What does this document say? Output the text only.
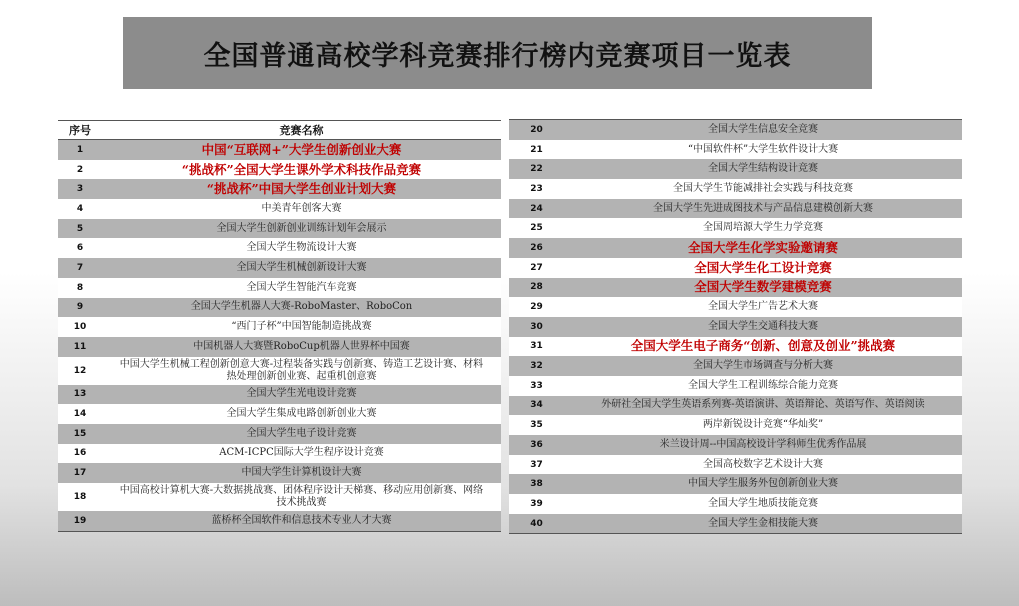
全国普通高校学科竞赛排行榜内竞赛项目一览表
序号	竞赛名称
1	中国“互联网+”大学生创新创业大赛
2	“挑战杯”全国大学生课外学术科技作品竞赛
3	“挑战杯”中国大学生创业计划大赛
4	中美青年创客大赛
5	全国大学生创新创业训练计划年会展示
6	全国大学生物流设计大赛
7	全国大学生机械创新设计大赛
8	全国大学生智能汽车竞赛
9	全国大学生机器人大赛-RoboMaster、RoboCon
10	“西门子杯”中国智能制造挑战赛
11	中国机器人大赛暨RoboCup机器人世界杯中国赛
12	中国大学生机械工程创新创意大赛-过程装备实践与创新赛、铸造工艺设计赛、材料热处理创新创业赛、起重机创意赛
13	全国大学生光电设计竞赛
14	全国大学生集成电路创新创业大赛
15	全国大学生电子设计竞赛
16	ACM-ICPC国际大学生程序设计竞赛
17	中国大学生计算机设计大赛
18	中国高校计算机大赛-大数据挑战赛、团体程序设计天梯赛、移动应用创新赛、网络技术挑战赛
19	蓝桥杯全国软件和信息技术专业人才大赛
20	全国大学生信息安全竞赛
21	“中国软件杯”大学生软件设计大赛
22	全国大学生结构设计竞赛
23	全国大学生节能减排社会实践与科技竞赛
24	全国大学生先进成图技术与产品信息建模创新大赛
25	全国周培源大学生力学竞赛
26	全国大学生化学实验邀请赛
27	全国大学生化工设计竞赛
28	全国大学生数学建模竞赛
29	全国大学生广告艺术大赛
30	全国大学生交通科技大赛
31	全国大学生电子商务“创新、创意及创业”挑战赛
32	全国大学生市场调查与分析大赛
33	全国大学生工程训练综合能力竞赛
34	外研社全国大学生英语系列赛-英语演讲、英语辩论、英语写作、英语阅读
35	两岸新锐设计竞赛“华灿奖”
36	米兰设计周--中国高校设计学科师生优秀作品展
37	全国高校数字艺术设计大赛
38	中国大学生服务外包创新创业大赛
39	全国大学生地质技能竞赛
40	全国大学生金相技能大赛
